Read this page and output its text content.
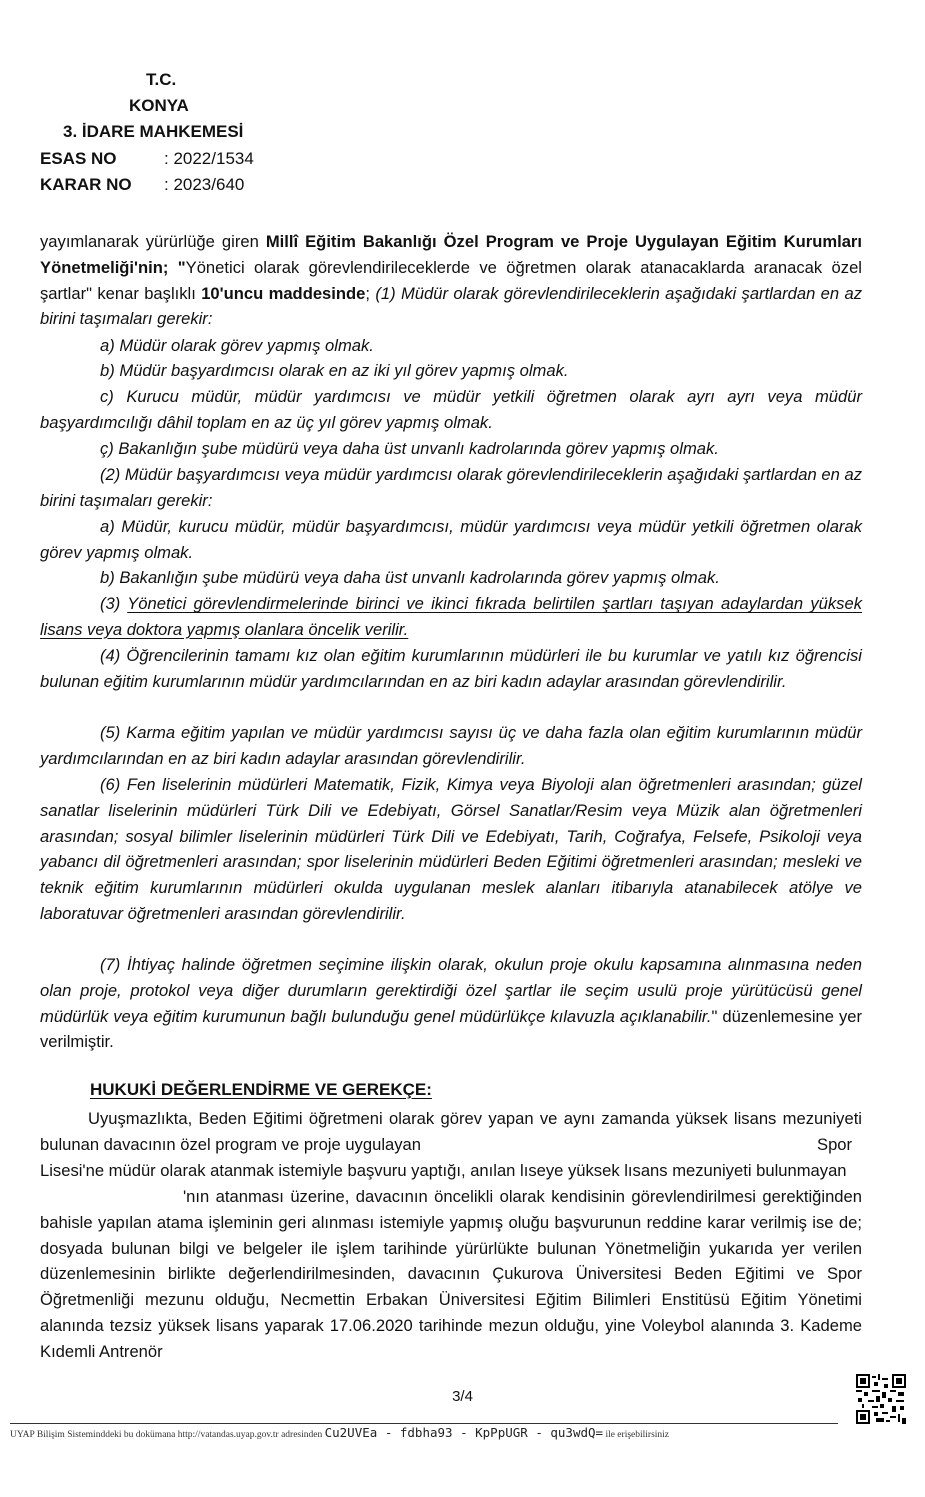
T.C.
KONYA
3. İDARE MAHKEMESİ
ESAS NO	: 2022/1534
KARAR NO : 2023/640
yayımlanarak yürürlüğe giren Millî Eğitim Bakanlığı Özel Program ve Proje Uygulayan Eğitim Kurumları Yönetmeliği'nin; "Yönetici olarak görevlendirileceklerde ve öğretmen olarak atanacaklarda aranacak özel şartlar" kenar başlıklı 10'uncu maddesinde; (1) Müdür olarak görevlendirileceklerin aşağıdaki şartlardan en az birini taşımaları gerekir:
a) Müdür olarak görev yapmış olmak.
b) Müdür başyardımcısı olarak en az iki yıl görev yapmış olmak.
c) Kurucu müdür, müdür yardımcısı ve müdür yetkili öğretmen olarak ayrı ayrı veya müdür başyardımcılığı dâhil toplam en az üç yıl görev yapmış olmak.
ç) Bakanlığın şube müdürü veya daha üst unvanlı kadrolarında görev yapmış olmak.
(2) Müdür başyardımcısı veya müdür yardımcısı olarak görevlendirileceklerin aşağıdaki şartlardan en az birini taşımaları gerekir:
a) Müdür, kurucu müdür, müdür başyardımcısı, müdür yardımcısı veya müdür yetkili öğretmen olarak görev yapmış olmak.
b) Bakanlığın şube müdürü veya daha üst unvanlı kadrolarında görev yapmış olmak.
(3) Yönetici görevlendirmelerinde birinci ve ikinci fıkrada belirtilen şartları taşıyan adaylardan yüksek lisans veya doktora yapmış olanlara öncelik verilir.
(4) Öğrencilerinin tamamı kız olan eğitim kurumlarının müdürleri ile bu kurumlar ve yatılı kız öğrencisi bulunan eğitim kurumlarının müdür yardımcılarından en az biri kadın adaylar arasından görevlendirilir.
(5) Karma eğitim yapılan ve müdür yardımcısı sayısı üç ve daha fazla olan eğitim kurumlarının müdür yardımcılarından en az biri kadın adaylar arasından görevlendirilir.
(6) Fen liselerinin müdürleri Matematik, Fizik, Kimya veya Biyoloji alan öğretmenleri arasından; güzel sanatlar liselerinin müdürleri Türk Dili ve Edebiyatı, Görsel Sanatlar/Resim veya Müzik alan öğretmenleri arasından; sosyal bilimler liselerinin müdürleri Türk Dili ve Edebiyatı, Tarih, Coğrafya, Felsefe, Psikoloji veya yabancı dil öğretmenleri arasından; spor liselerinin müdürleri Beden Eğitimi öğretmenleri arasından; mesleki ve teknik eğitim kurumlarının müdürleri okulda uygulanan meslek alanları itibarıyla atanabilecek atölye ve laboratuvar öğretmenleri arasından görevlendirilir.
(7) İhtiyaç halinde öğretmen seçimine ilişkin olarak, okulun proje okulu kapsamına alınmasına neden olan proje, protokol veya diğer durumların gerektirdiği özel şartlar ile seçim usulü proje yürütücüsü genel müdürlük veya eğitim kurumunun bağlı bulunduğu genel müdürlükçe kılavuzla açıklanabilir." düzenlemesine yer verilmiştir.
HUKUKİ DEĞERLENDİRME VE GEREKÇE:
Uyuşmazlıkta, Beden Eğitimi öğretmeni olarak görev yapan ve aynı zamanda yüksek lisans mezuniyeti bulunan davacının özel program ve proje uygulayan	Spor
Lisesi'ne müdür olarak atanmak istemiyle başvuru yaptığı, anılan lıseye yüksek lısans mezuniyeti bulunmayan
'nın atanması üzerine, davacının öncelikli olarak kendisinin görevlendirilmesi gerektiğinden bahisle yapılan atama işleminin geri alınması istemiyle yapmış oluğu başvurunun reddine karar verilmiş ise de; dosyada bulunan bilgi ve belgeler ile işlem tarihinde yürürlükte bulunan Yönetmeliğin yukarıda yer verilen düzenlemesinin birlikte değerlendirilmesinden, davacının Çukurova Üniversitesi Beden Eğitimi ve Spor Öğretmenliği mezunu olduğu, Necmettin Erbakan Üniversitesi Eğitim Bilimleri Enstitüsü Eğitim Yönetimi alanında tezsiz yüksek lisans yaparak 17.06.2020 tarihinde mezun olduğu, yine Voleybol alanında 3. Kademe Kıdemli Antrenör
3/4
UYAP Bilişim Sisteminddeki bu dokümana http://vatandas.uyap.gov.tr adresinden Cu2UVEa - fdbha93 - KpPpUGR - qu3wdQ= ile erişebilirsiniz
